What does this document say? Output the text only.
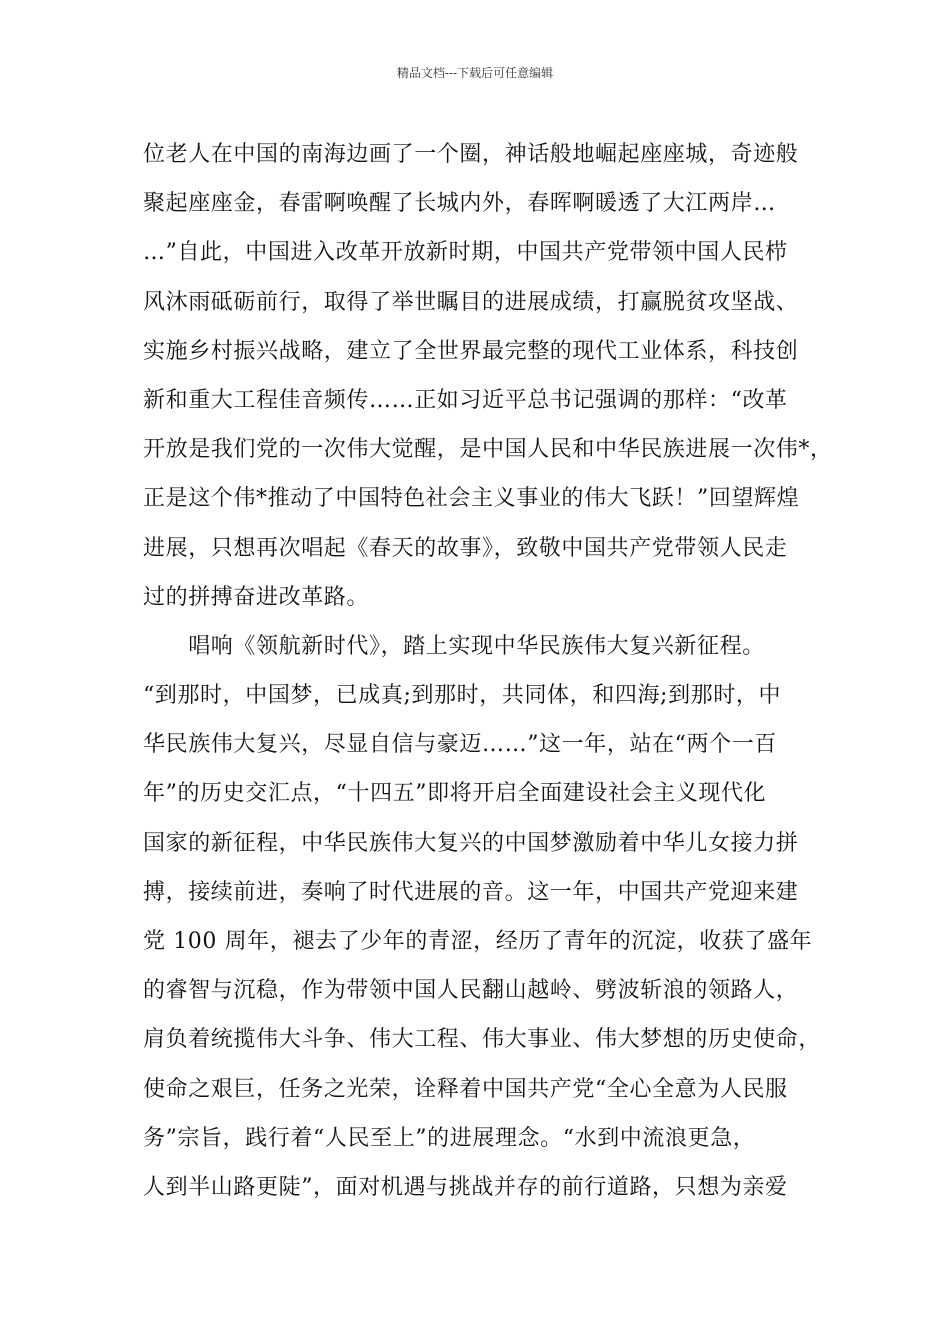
精品文档---下载后可任意编辑
位老人在中国的南海边画了一个圈，神话般地崛起座座城，奇迹般
聚起座座金，春雷啊唤醒了长城内外，春晖啊暖透了大江两岸…
…”自此，中国进入改革开放新时期，中国共产党带领中国人民栉
风沐雨砥砺前行，取得了举世瞩目的进展成绩，打赢脱贫攻坚战、
实施乡村振兴战略，建立了全世界最完整的现代工业体系，科技创
新和重大工程佳音频传……正如习近平总书记强调的那样：“改革
开放是我们党的一次伟大觉醒，是中国人民和中华民族进展一次伟*，
正是这个伟*推动了中国特色社会主义事业的伟大飞跃！”回望辉煌
进展，只想再次唱起《春天的故事》，致敬中国共产党带领人民走
过的拼搏奋进改革路。
　　唱响《领航新时代》，踏上实现中华民族伟大复兴新征程。
“到那时，中国梦，已成真;到那时，共同体，和四海;到那时，中
华民族伟大复兴，尽显自信与豪迈……”这一年，站在“两个一百
年”的历史交汇点，“十四五”即将开启全面建设社会主义现代化
国家的新征程，中华民族伟大复兴的中国梦激励着中华儿女接力拼
搏，接续前进，奏响了时代进展的音。这一年，中国共产党迎来建
党 100 周年，褪去了少年的青涩，经历了青年的沉淀，收获了盛年
的睿智与沉稳，作为带领中国人民翻山越岭、劈波斩浪的领路人，
肩负着统揽伟大斗争、伟大工程、伟大事业、伟大梦想的历史使命，
使命之艰巨，任务之光荣，诠释着中国共产党“全心全意为人民服
务”宗旨，践行着“人民至上”的进展理念。“水到中流浪更急，
人到半山路更陡”，面对机遇与挑战并存的前行道路，只想为亲爱
